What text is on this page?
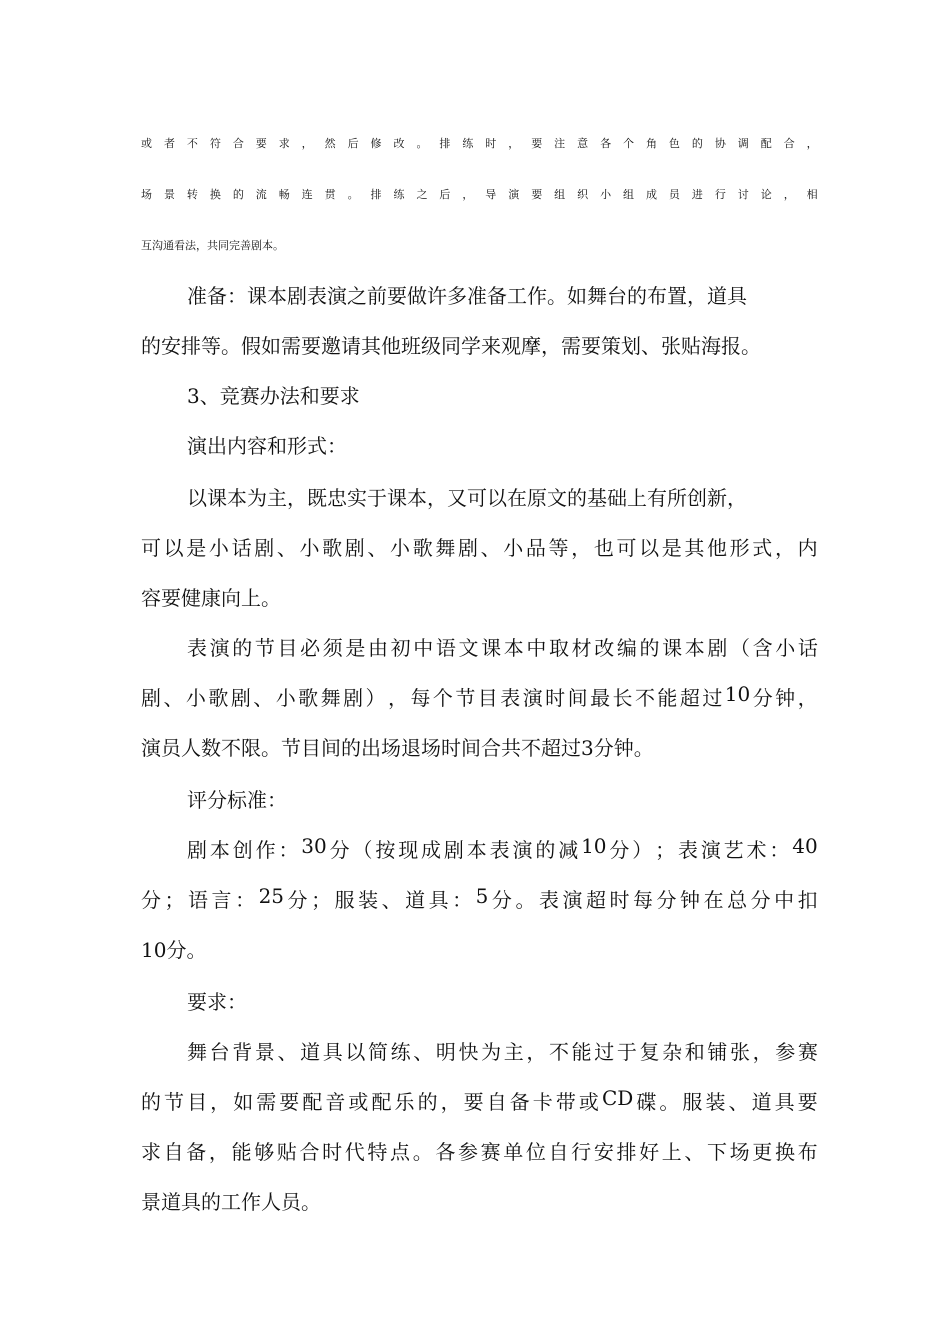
或 者 不 符 合 要 求 ， 然 后 修 改 。 排 练 时 ， 要 注 意 各 个 角 色 的 协 调 配 合 ，
场 景 转 换 的 流 畅 连 贯 。 排 练 之 后 ， 导 演 要 组 织 小 组 成 员 进 行 讨 论 ， 相
互沟通看法，共同完善剧本。
准备：课本剧表演之前要做许多准备工作。如舞台的布置，道具
的安排等。假如需要邀请其他班级同学来观摩，需要策划、张贴海报。
3、竞赛办法和要求
演出内容和形式：
以课本为主，既忠实于课本，又可以在原文的基础上有所创新，
可 以 是 小 话 剧 、 小 歌 剧 、 小 歌 舞 剧 、 小 品 等 ， 也 可 以 是 其 他 形 式 ， 内
容要健康向上。
表 演 的 节 目 必 须 是 由 初 中 语 文 课 本 中 取 材 改 编 的 课 本 剧 （ 含 小 话
剧 、 小 歌 剧 、 小 歌 舞 剧 ） ， 每 个 节 目 表 演 时 间 最 长 不 能 超 过 10 分 钟 ，
演员人数不限。节目间的出场退场时间合共不超过3分钟。
评分标准：
剧 本 创 作 ： 30 分 （ 按 现 成 剧 本 表 演 的 减 10 分 ） ； 表 演 艺 术 ： 40
分 ； 语 言 ： 25 分 ； 服 装 、 道 具 ： 5 分 。 表 演 超 时 每 分 钟 在 总 分 中 扣
10分。
要求：
舞 台 背 景 、 道 具 以 简 练 、 明 快 为 主 ， 不 能 过 于 复 杂 和 铺 张 ， 参 赛
的 节 目 ， 如 需 要 配 音 或 配 乐 的 ， 要 自 备 卡 带 或 CD 碟 。 服 装 、 道 具 要
求 自 备 ， 能 够 贴 合 时 代 特 点 。 各 参 赛 单 位 自 行 安 排 好 上 、 下 场 更 换 布
景道具的工作人员。
